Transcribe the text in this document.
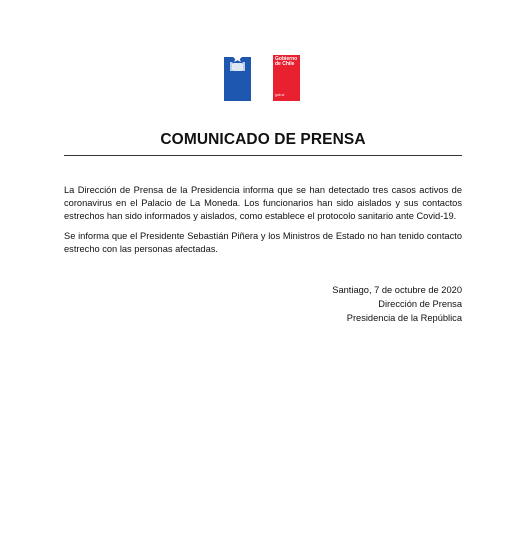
Gobierno
de Chile
gob.cl
COMUNICADO DE PRENSA

La Dirección de Prensa de la Presidencia informa que se han detectado tres casos activos de coronavirus en el Palacio de La Moneda. Los funcionarios han sido aislados y sus contactos estrechos han sido informados y aislados, como establece el protocolo sanitario ante Covid-19.

Se informa que el Presidente Sebastián Piñera y los Ministros de Estado no han tenido contacto estrecho con las personas afectadas.

Santiago, 7 de octubre de 2020
Dirección de Prensa
Presidencia de la República
